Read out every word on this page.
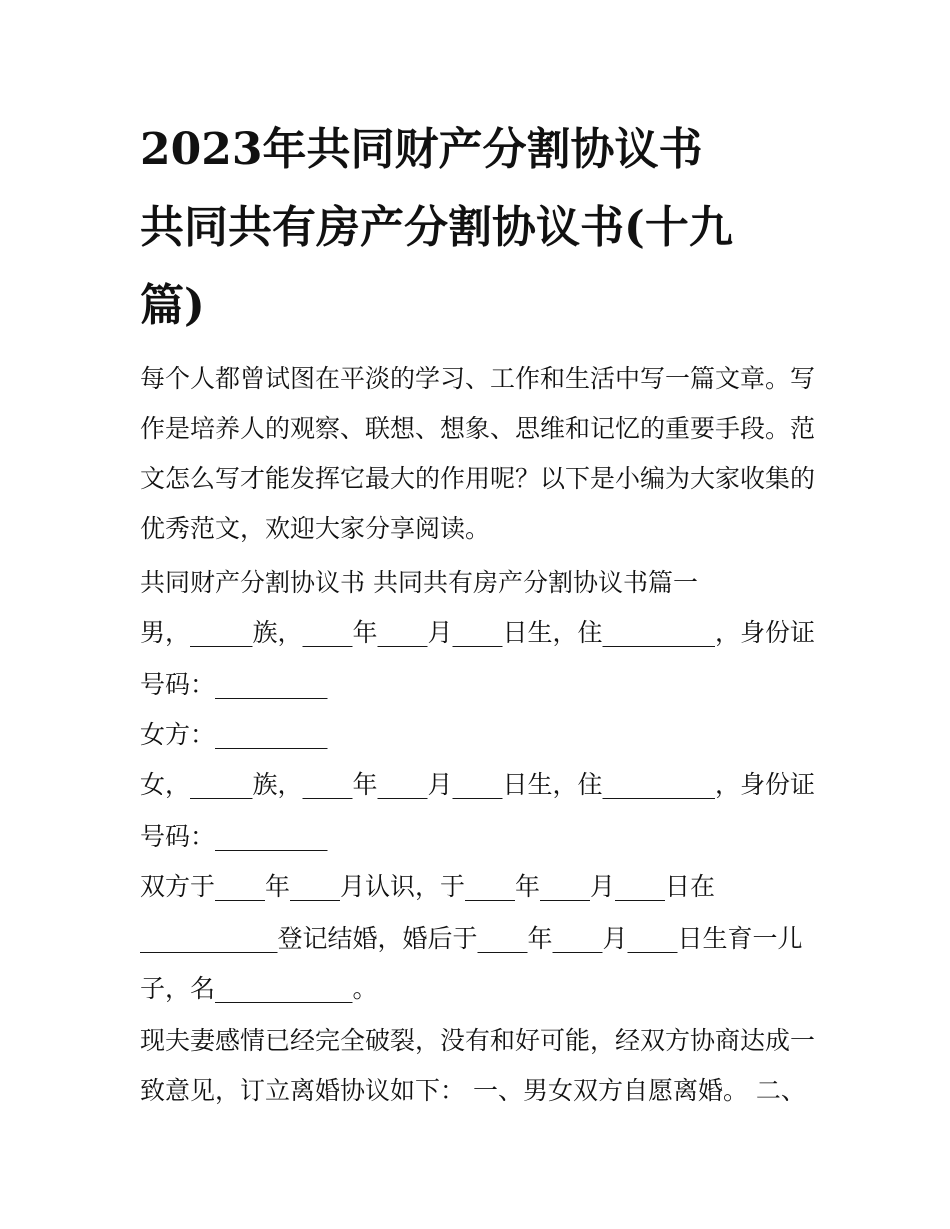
2023年共同财产分割协议书
共同共有房产分割协议书(十九
篇)

每个人都曾试图在平淡的学习、工作和生活中写一篇文章。写

作是培养人的观察、联想、想象、思维和记忆的重要手段。范

文怎么写才能发挥它最大的作用呢？以下是小编为大家收集的

优秀范文，欢迎大家分享阅读。

共同财产分割协议书 共同共有房产分割协议书篇一

男，_____族，____年____月____日生，住_________，身份证

号码：_________

女方：_________

女，_____族，____年____月____日生，住_________，身份证

号码：_________

双方于____年____月认识，于____年____月____日在

___________登记结婚，婚后于____年____月____日生育一儿

子，名___________。

现夫妻感情已经完全破裂，没有和好可能，经双方协商达成一

致意见，订立离婚协议如下： 一、男女双方自愿离婚。 二、
